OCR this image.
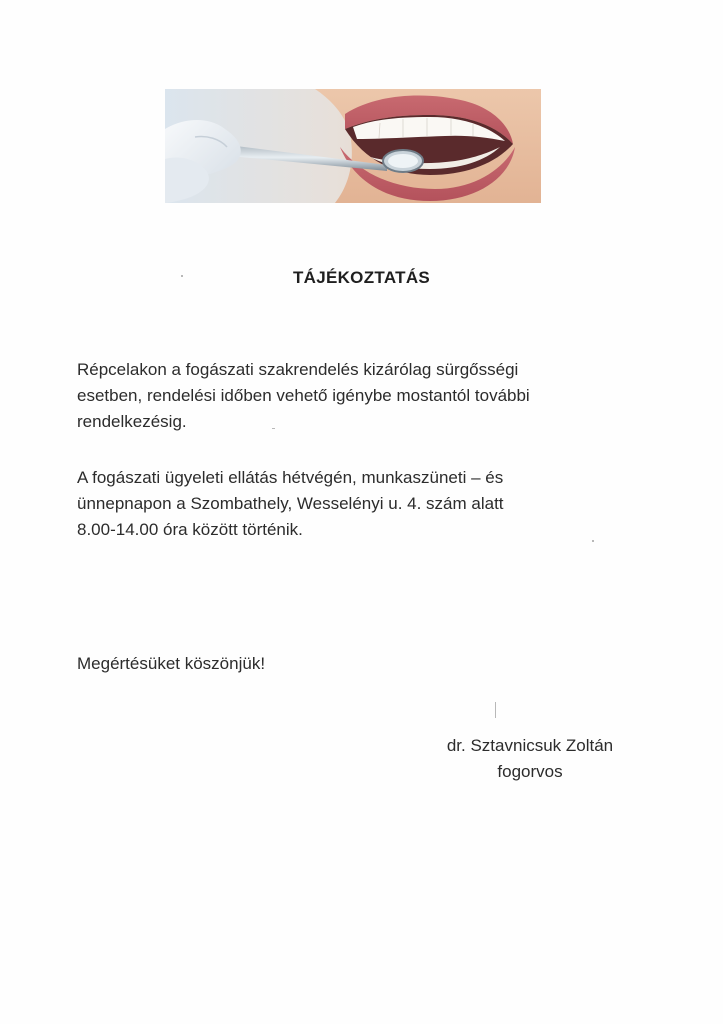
TÁJÉKOZTATÁS

Répcelakon a fogászati szakrendelés kizárólag sürgősségi
esetben, rendelési időben vehető igénybe mostantól további
rendelkezésig.

A fogászati ügyeleti ellátás hétvégén, munkaszüneti – és
ünnepnapon a Szombathely, Wesselényi u. 4. szám alatt
8.00-14.00 óra között történik.

Megértésüket köszönjük!

dr. Sztavnicsuk Zoltán
fogorvos
